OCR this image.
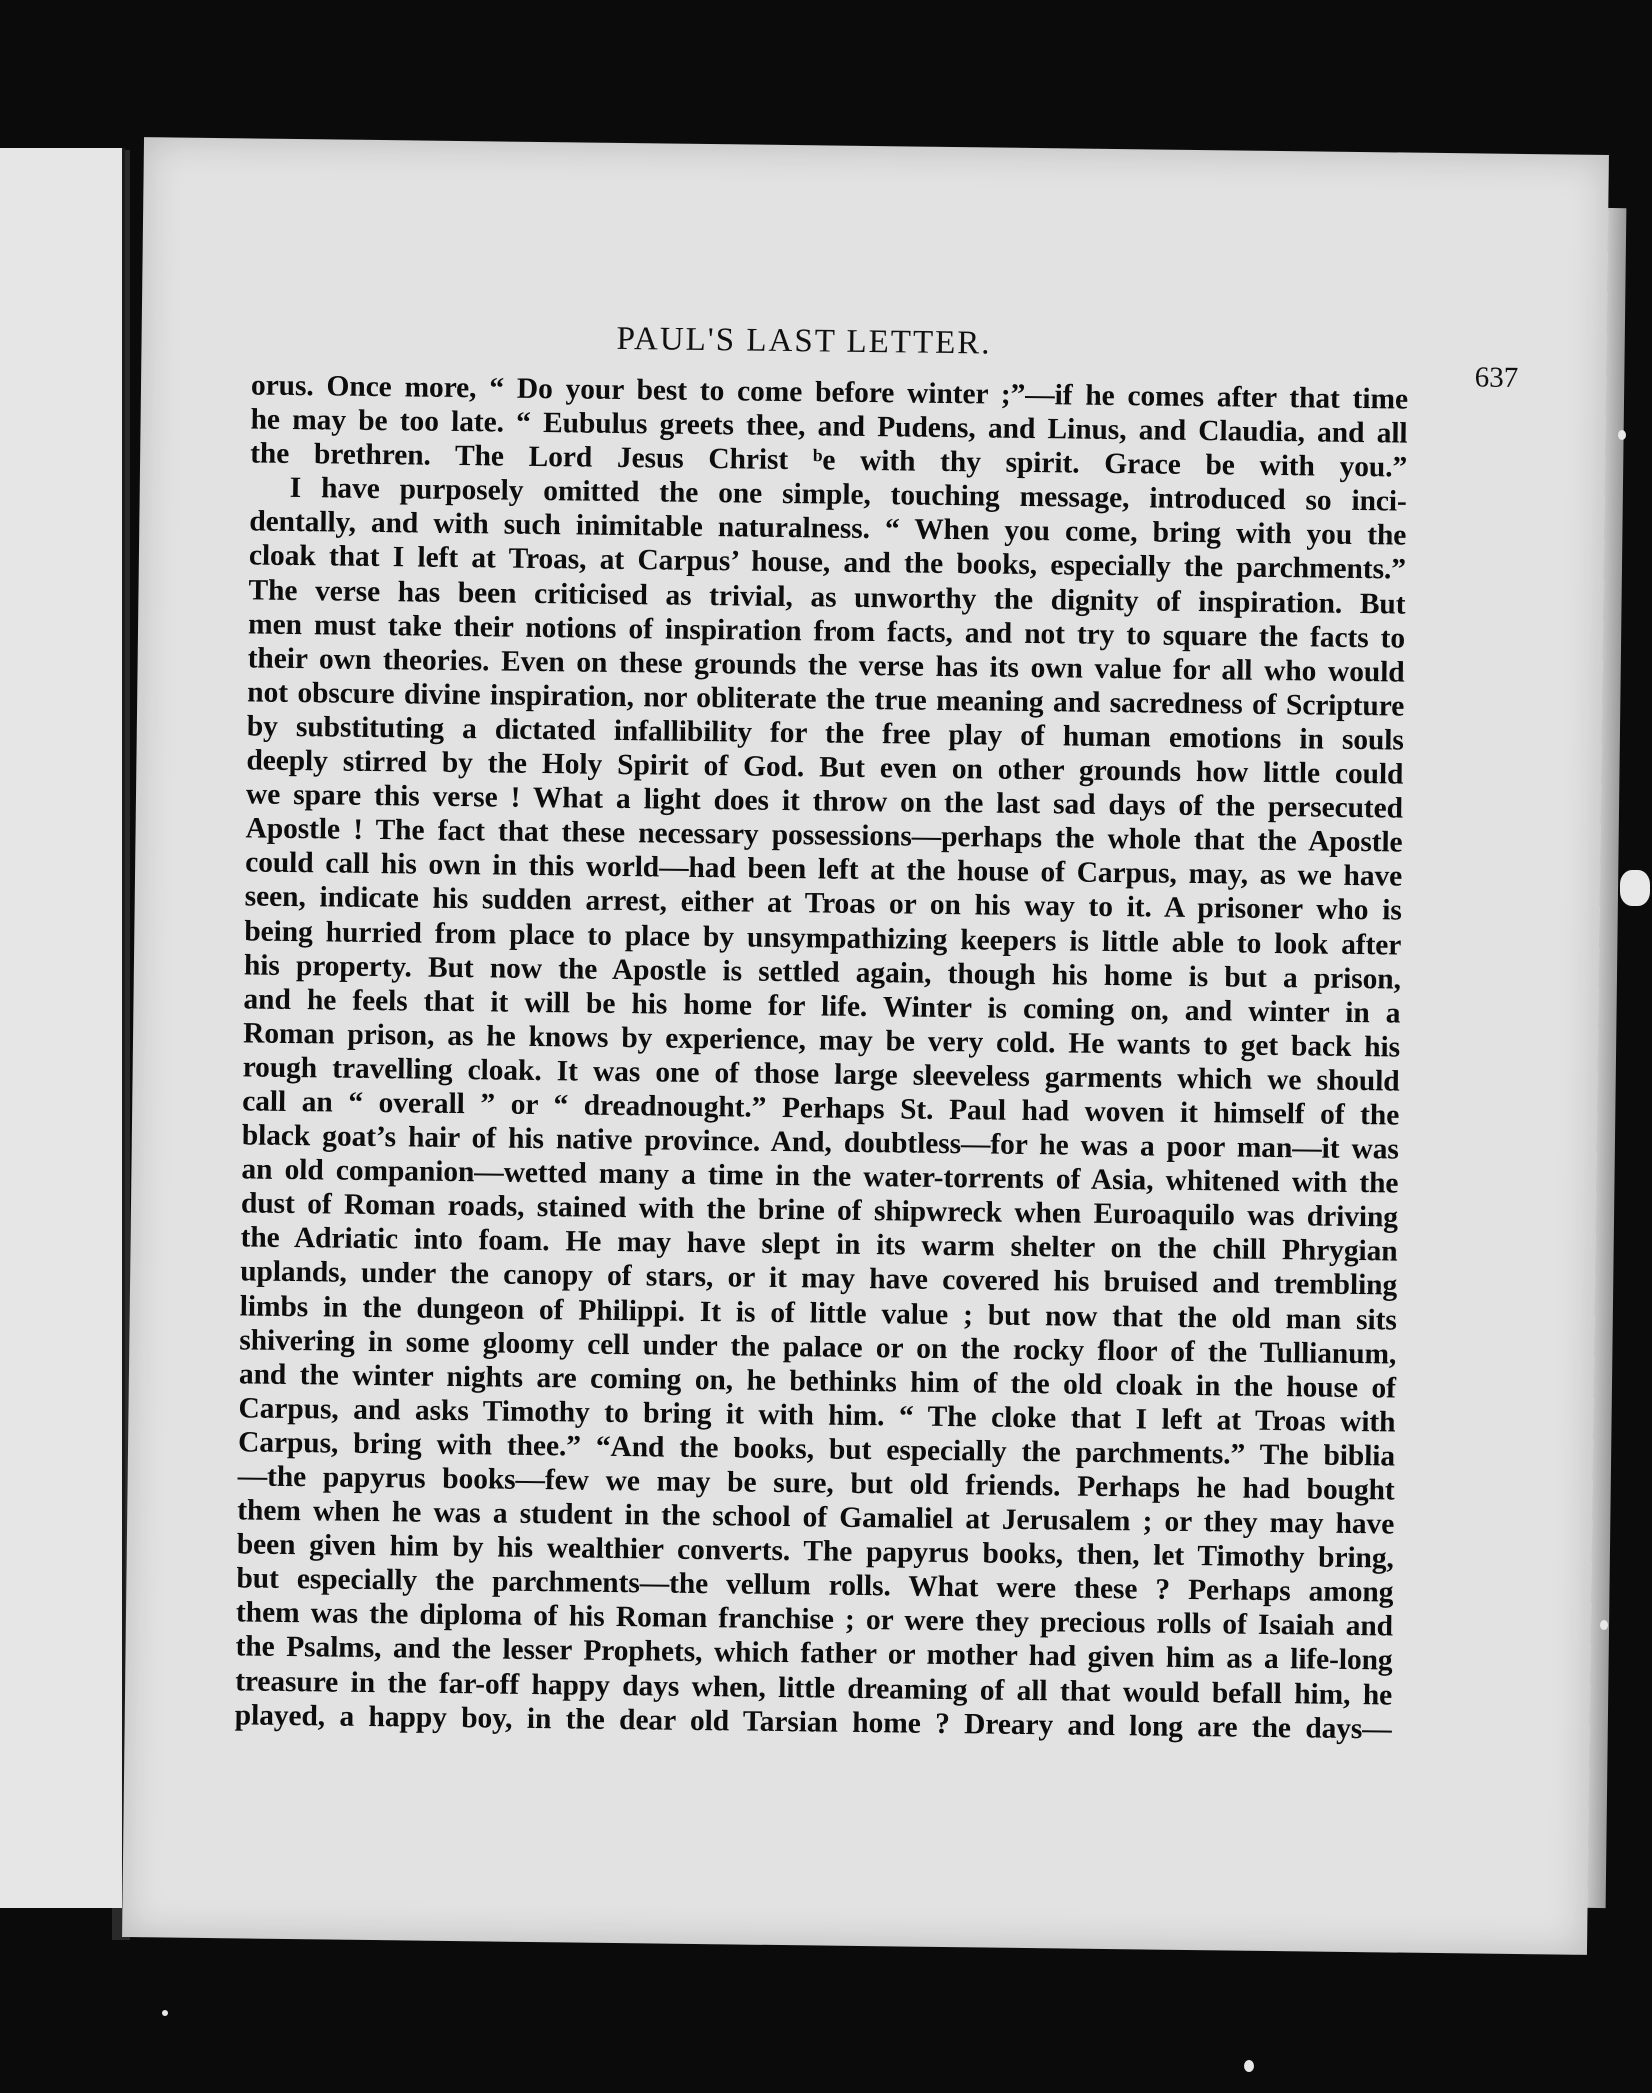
PAUL'S LAST LETTER.
637
orus. Once more, “ Do your best to come before winter ;”—if he comes after that time
he may be too late. “ Eubulus greets thee, and Pudens, and Linus, and Claudia, and all
the brethren. The Lord Jesus Christ ᵇe with thy spirit. Grace be with you.”
I have purposely omitted the one simple, touching message, introduced so inci-
dentally, and with such inimitable naturalness. “ When you come, bring with you the
cloak that I left at Troas, at Carpus’ house, and the books, especially the parchments.”
The verse has been criticised as trivial, as unworthy the dignity of inspiration. But
men must take their notions of inspiration from facts, and not try to square the facts to
their own theories. Even on these grounds the verse has its own value for all who would
not obscure divine inspiration, nor obliterate the true meaning and sacredness of Scripture
by substituting a dictated infallibility for the free play of human emotions in souls
deeply stirred by the Holy Spirit of God. But even on other grounds how little could
we spare this verse ! What a light does it throw on the last sad days of the persecuted
Apostle ! The fact that these necessary possessions—perhaps the whole that the Apostle
could call his own in this world—had been left at the house of Carpus, may, as we have
seen, indicate his sudden arrest, either at Troas or on his way to it. A prisoner who is
being hurried from place to place by unsympathizing keepers is little able to look after
his property. But now the Apostle is settled again, though his home is but a prison,
and he feels that it will be his home for life. Winter is coming on, and winter in a
Roman prison, as he knows by experience, may be very cold. He wants to get back his
rough travelling cloak. It was one of those large sleeveless garments which we should
call an “ overall ” or “ dreadnought.” Perhaps St. Paul had woven it himself of the
black goat’s hair of his native province. And, doubtless—for he was a poor man—it was
an old companion—wetted many a time in the water-torrents of Asia, whitened with the
dust of Roman roads, stained with the brine of shipwreck when Euroaquilo was driving
the Adriatic into foam. He may have slept in its warm shelter on the chill Phrygian
uplands, under the canopy of stars, or it may have covered his bruised and trembling
limbs in the dungeon of Philippi. It is of little value ; but now that the old man sits
shivering in some gloomy cell under the palace or on the rocky floor of the Tullianum,
and the winter nights are coming on, he bethinks him of the old cloak in the house of
Carpus, and asks Timothy to bring it with him. “ The cloke that I left at Troas with
Carpus, bring with thee.” “And the books, but especially the parchments.” The biblia
—the papyrus books—few we may be sure, but old friends. Perhaps he had bought
them when he was a student in the school of Gamaliel at Jerusalem ; or they may have
been given him by his wealthier converts. The papyrus books, then, let Timothy bring,
but especially the parchments—the vellum rolls. What were these ? Perhaps among
them was the diploma of his Roman franchise ; or were they precious rolls of Isaiah and
the Psalms, and the lesser Prophets, which father or mother had given him as a life-long
treasure in the far-off happy days when, little dreaming of all that would befall him, he
played, a happy boy, in the dear old Tarsian home ? Dreary and long are the days—
